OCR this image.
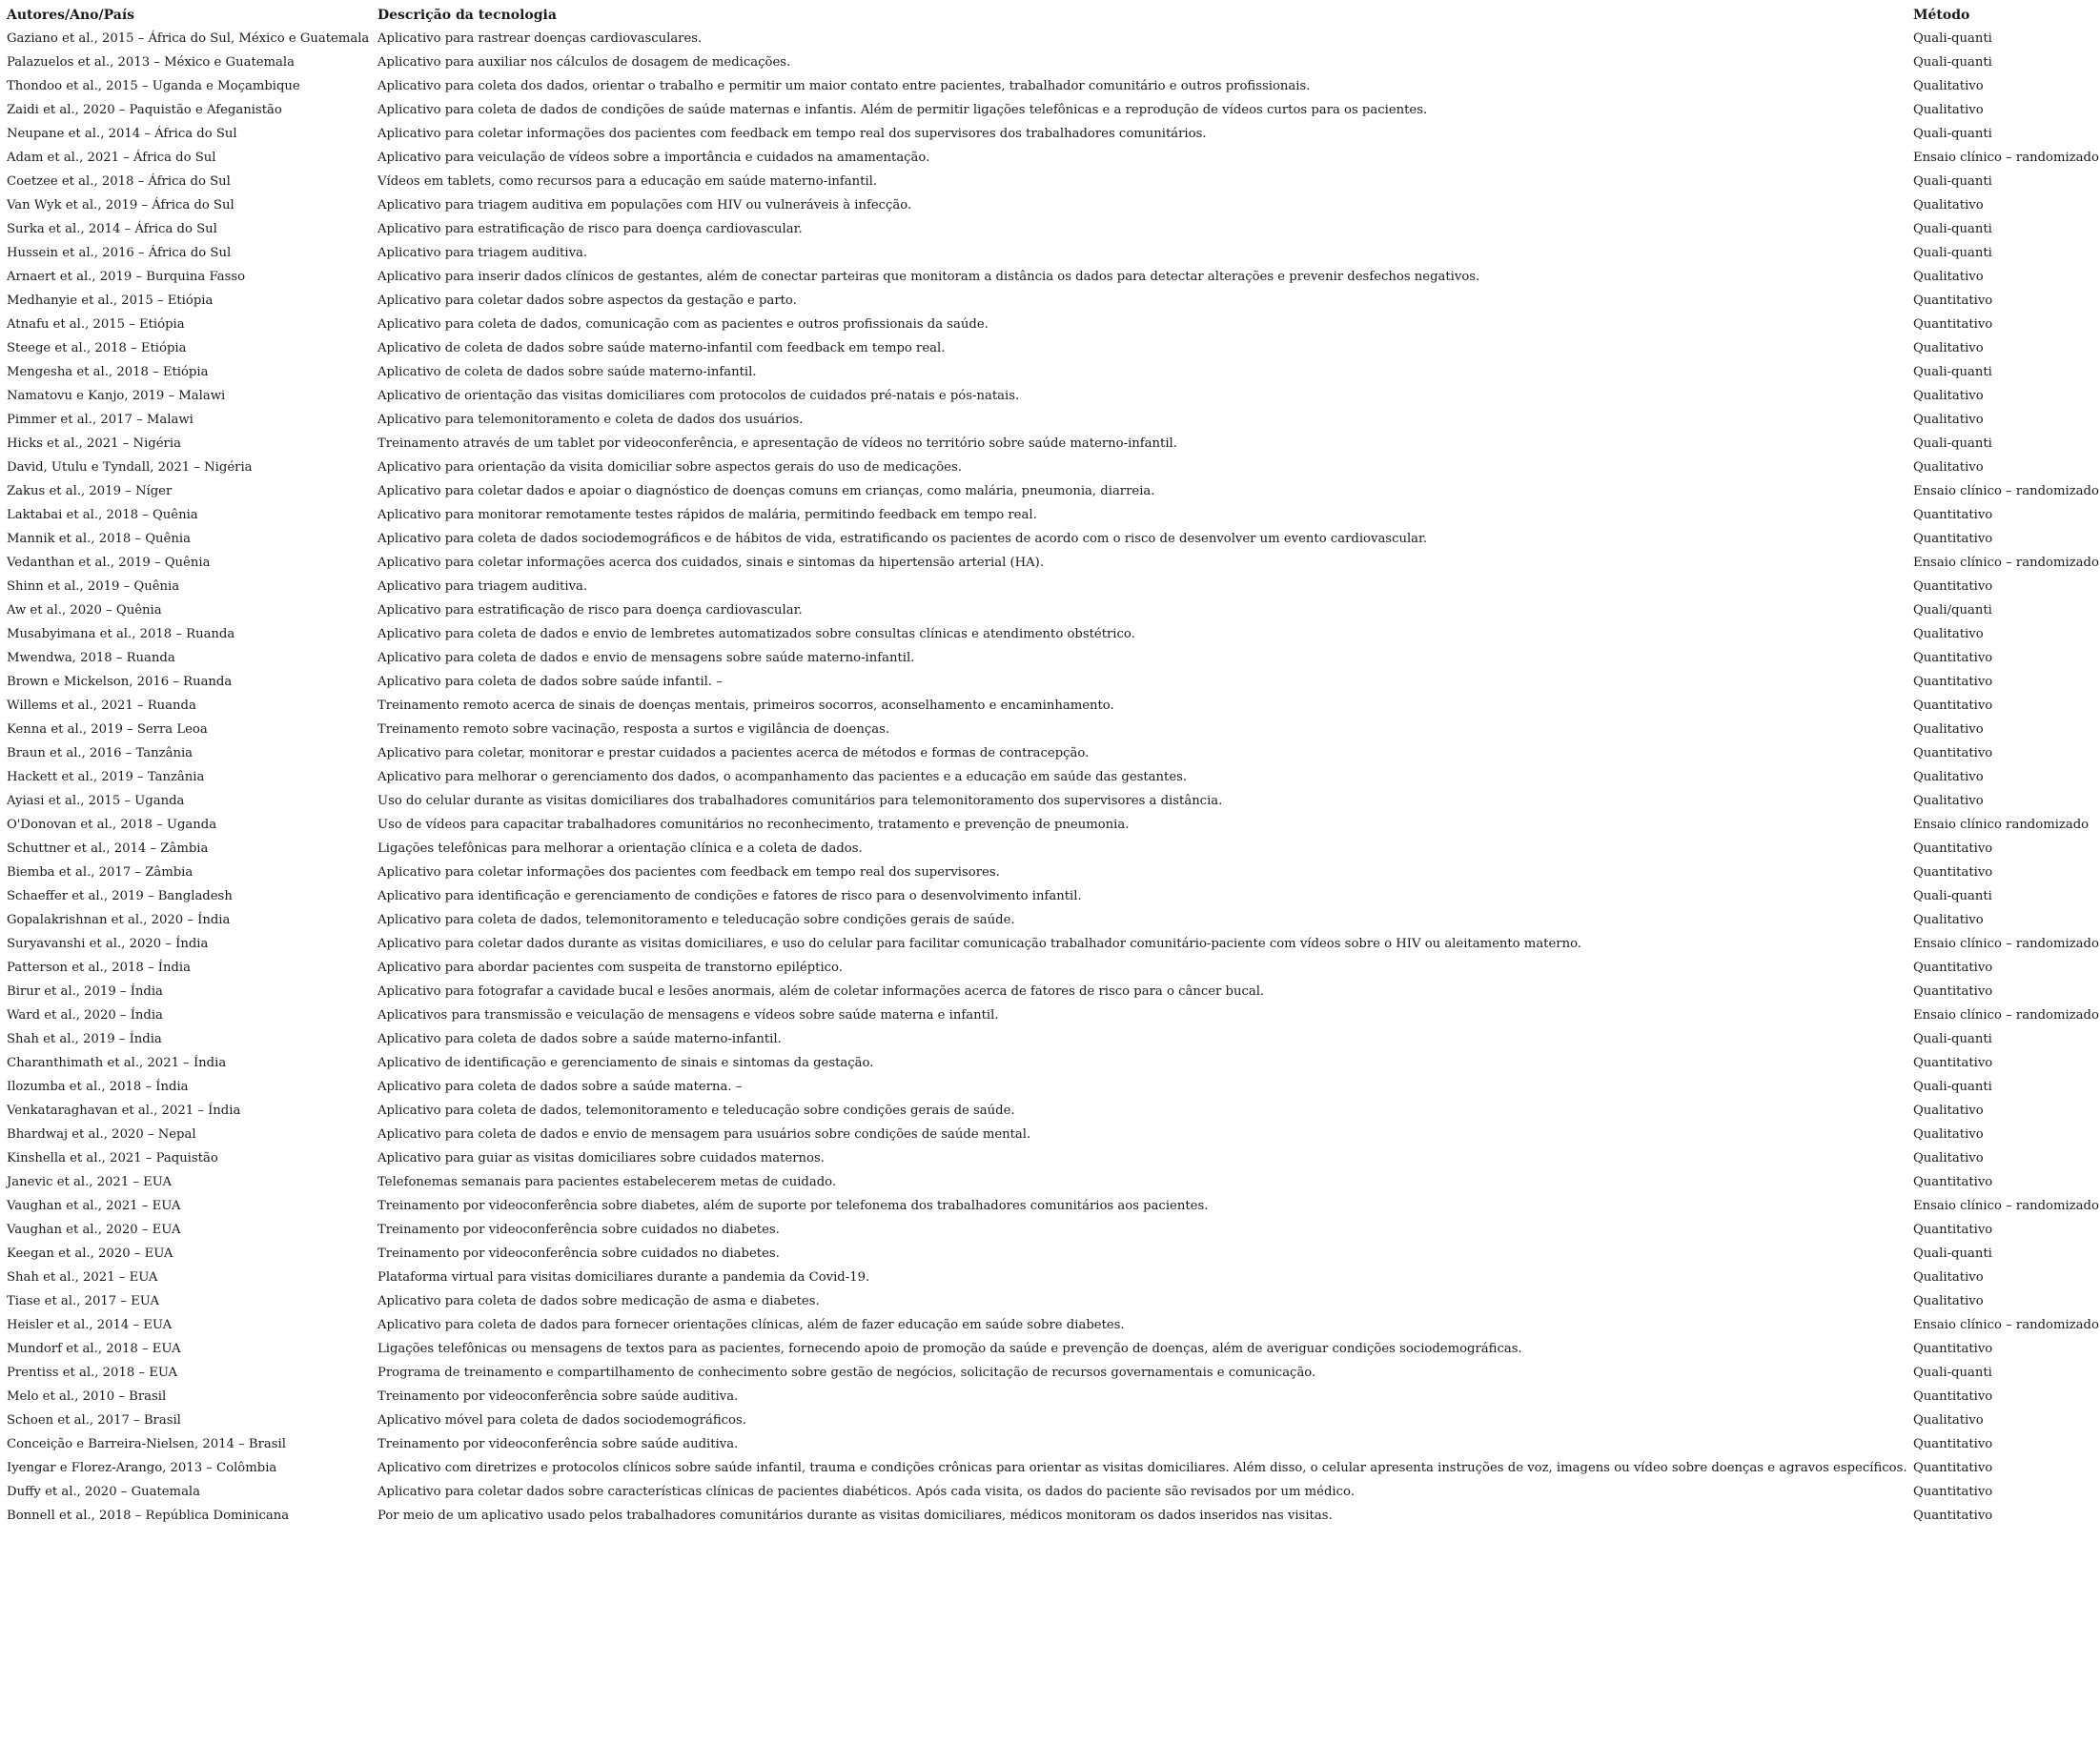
Autores/Ano/País	Descrição da tecnologia	Método
Gaziano et al., 2015 – África do Sul, México e Guatemala	Aplicativo para rastrear doenças cardiovasculares.	Quali-quanti
Palazuelos et al., 2013 – México e Guatemala	Aplicativo para auxiliar nos cálculos de dosagem de medicações.	Quali-quanti
Thondoo et al., 2015 – Uganda e Moçambique	Aplicativo para coleta dos dados, orientar o trabalho e permitir um maior contato entre pacientes, trabalhador comunitário e outros profissionais.	Qualitativo
Zaidi et al., 2020 – Paquistão e Afeganistão	Aplicativo para coleta de dados de condições de saúde maternas e infantis. Além de permitir ligações telefônicas e a reprodução de vídeos curtos para os pacientes.	Qualitativo
Neupane et al., 2014 – África do Sul	Aplicativo para coletar informações dos pacientes com feedback em tempo real dos supervisores dos trabalhadores comunitários.	Quali-quanti
Adam et al., 2021 – África do Sul	Aplicativo para veiculação de vídeos sobre a importância e cuidados na amamentação.	Ensaio clínico – randomizado
Coetzee et al., 2018 – África do Sul	Vídeos em tablets, como recursos para a educação em saúde materno-infantil.	Quali-quanti
Van Wyk et al., 2019 – África do Sul	Aplicativo para triagem auditiva em populações com HIV ou vulneráveis à infecção.	Qualitativo
Surka et al., 2014 – África do Sul	Aplicativo para estratificação de risco para doença cardiovascular.	Quali-quanti
Hussein et al., 2016 – África do Sul	Aplicativo para triagem auditiva.	Quali-quanti
Arnaert et al., 2019 – Burquina Fasso	Aplicativo para inserir dados clínicos de gestantes, além de conectar parteiras que monitoram a distância os dados para detectar alterações e prevenir desfechos negativos.	Qualitativo
Medhanyie et al., 2015 – Etiópia	Aplicativo para coletar dados sobre aspectos da gestação e parto.	Quantitativo
Atnafu et al., 2015 – Etiópia	Aplicativo para coleta de dados, comunicação com as pacientes e outros profissionais da saúde.	Quantitativo
Steege et al., 2018 – Etiópia	Aplicativo de coleta de dados sobre saúde materno-infantil com feedback em tempo real.	Qualitativo
Mengesha et al., 2018 – Etiópia	Aplicativo de coleta de dados sobre saúde materno-infantil.	Quali-quanti
Namatovu e Kanjo, 2019 – Malawi	Aplicativo de orientação das visitas domiciliares com protocolos de cuidados pré-natais e pós-natais.	Qualitativo
Pimmer et al., 2017 – Malawi	Aplicativo para telemonitoramento e coleta de dados dos usuários.	Qualitativo
Hicks et al., 2021 – Nigéria	Treinamento através de um tablet por videoconferência, e apresentação de vídeos no território sobre saúde materno-infantil.	Quali-quanti
David, Utulu e Tyndall, 2021 – Nigéria	Aplicativo para orientação da visita domiciliar sobre aspectos gerais do uso de medicações.	Qualitativo
Zakus et al., 2019 – Níger	Aplicativo para coletar dados e apoiar o diagnóstico de doenças comuns em crianças, como malária, pneumonia, diarreia.	Ensaio clínico – randomizado
Laktabai et al., 2018 – Quênia	Aplicativo para monitorar remotamente testes rápidos de malária, permitindo feedback em tempo real.	Quantitativo
Mannik et al., 2018 – Quênia	Aplicativo para coleta de dados sociodemográficos e de hábitos de vida, estratificando os pacientes de acordo com o risco de desenvolver um evento cardiovascular.	Quantitativo
Vedanthan et al., 2019 – Quênia	Aplicativo para coletar informações acerca dos cuidados, sinais e sintomas da hipertensão arterial (HA).	Ensaio clínico – randomizado
Shinn et al., 2019 – Quênia	Aplicativo para triagem auditiva.	Quantitativo
Aw et al., 2020 – Quênia	Aplicativo para estratificação de risco para doença cardiovascular.	Quali/quanti
Musabyimana et al., 2018 – Ruanda	Aplicativo para coleta de dados e envio de lembretes automatizados sobre consultas clínicas e atendimento obstétrico.	Qualitativo
Mwendwa, 2018 – Ruanda	Aplicativo para coleta de dados e envio de mensagens sobre saúde materno-infantil.	Quantitativo
Brown e Mickelson, 2016 – Ruanda	Aplicativo para coleta de dados sobre saúde infantil. –	Quantitativo
Willems et al., 2021 – Ruanda	Treinamento remoto acerca de sinais de doenças mentais, primeiros socorros, aconselhamento e encaminhamento.	Quantitativo
Kenna et al., 2019 – Serra Leoa	Treinamento remoto sobre vacinação, resposta a surtos e vigilância de doenças.	Qualitativo
Braun et al., 2016 – Tanzânia	Aplicativo para coletar, monitorar e prestar cuidados a pacientes acerca de métodos e formas de contracepção.	Quantitativo
Hackett et al., 2019 – Tanzânia	Aplicativo para melhorar o gerenciamento dos dados, o acompanhamento das pacientes e a educação em saúde das gestantes.	Qualitativo
Ayiasi et al., 2015 – Uganda	Uso do celular durante as visitas domiciliares dos trabalhadores comunitários para telemonitoramento dos supervisores a distância.	Qualitativo
O'Donovan et al., 2018 – Uganda	Uso de vídeos para capacitar trabalhadores comunitários no reconhecimento, tratamento e prevenção de pneumonia.	Ensaio clínico randomizado
Schuttner et al., 2014 – Zâmbia	Ligações telefônicas para melhorar a orientação clínica e a coleta de dados.	Quantitativo
Biemba et al., 2017 – Zâmbia	Aplicativo para coletar informações dos pacientes com feedback em tempo real dos supervisores.	Quantitativo
Schaeffer et al., 2019 – Bangladesh	Aplicativo para identificação e gerenciamento de condições e fatores de risco para o desenvolvimento infantil.	Quali-quanti
Gopalakrishnan et al., 2020 – Índia	Aplicativo para coleta de dados, telemonitoramento e teleducação sobre condições gerais de saúde.	Qualitativo
Suryavanshi et al., 2020 – Índia	Aplicativo para coletar dados durante as visitas domiciliares, e uso do celular para facilitar comunicação trabalhador comunitário-paciente com vídeos sobre o HIV ou aleitamento materno.	Ensaio clínico – randomizado
Patterson et al., 2018 – Índia	Aplicativo para abordar pacientes com suspeita de transtorno epiléptico.	Quantitativo
Birur et al., 2019 – Índia	Aplicativo para fotografar a cavidade bucal e lesões anormais, além de coletar informações acerca de fatores de risco para o câncer bucal.	Quantitativo
Ward et al., 2020 – Índia	Aplicativos para transmissão e veiculação de mensagens e vídeos sobre saúde materna e infantil.	Ensaio clínico – randomizado
Shah et al., 2019 – Índia	Aplicativo para coleta de dados sobre a saúde materno-infantil.	Quali-quanti
Charanthimath et al., 2021 – Índia	Aplicativo de identificação e gerenciamento de sinais e sintomas da gestação.	Quantitativo
Ilozumba et al., 2018 – Índia	Aplicativo para coleta de dados sobre a saúde materna. –	Quali-quanti
Venkataraghavan et al., 2021 – Índia	Aplicativo para coleta de dados, telemonitoramento e teleducação sobre condições gerais de saúde.	Qualitativo
Bhardwaj et al., 2020 – Nepal	Aplicativo para coleta de dados e envio de mensagem para usuários sobre condições de saúde mental.	Qualitativo
Kinshella et al., 2021 – Paquistão	Aplicativo para guiar as visitas domiciliares sobre cuidados maternos.	Qualitativo
Janevic et al., 2021 – EUA	Telefonemas semanais para pacientes estabelecerem metas de cuidado.	Quantitativo
Vaughan et al., 2021 – EUA	Treinamento por videoconferência sobre diabetes, além de suporte por telefonema dos trabalhadores comunitários aos pacientes.	Ensaio clínico – randomizado
Vaughan et al., 2020 – EUA	Treinamento por videoconferência sobre cuidados no diabetes.	Quantitativo
Keegan et al., 2020 – EUA	Treinamento por videoconferência sobre cuidados no diabetes.	Quali-quanti
Shah et al., 2021 – EUA	Plataforma virtual para visitas domiciliares durante a pandemia da Covid-19.	Qualitativo
Tiase et al., 2017 – EUA	Aplicativo para coleta de dados sobre medicação de asma e diabetes.	Qualitativo
Heisler et al., 2014 – EUA	Aplicativo para coleta de dados para fornecer orientações clínicas, além de fazer educação em saúde sobre diabetes.	Ensaio clínico – randomizado
Mundorf et al., 2018 – EUA	Ligações telefônicas ou mensagens de textos para as pacientes, fornecendo apoio de promoção da saúde e prevenção de doenças, além de averiguar condições sociodemográficas.	Quantitativo
Prentiss et al., 2018 – EUA	Programa de treinamento e compartilhamento de conhecimento sobre gestão de negócios, solicitação de recursos governamentais e comunicação.	Quali-quanti
Melo et al., 2010 – Brasil	Treinamento por videoconferência sobre saúde auditiva.	Quantitativo
Schoen et al., 2017 – Brasil	Aplicativo móvel para coleta de dados sociodemográficos.	Qualitativo
Conceição e Barreira-Nielsen, 2014 – Brasil	Treinamento por videoconferência sobre saúde auditiva.	Quantitativo
Iyengar e Florez-Arango, 2013 – Colômbia	Aplicativo com diretrizes e protocolos clínicos sobre saúde infantil, trauma e condições crônicas para orientar as visitas domiciliares. Além disso, o celular apresenta instruções de voz, imagens ou vídeo sobre doenças e agravos específicos.	Quantitativo
Duffy et al., 2020 – Guatemala	Aplicativo para coletar dados sobre características clínicas de pacientes diabéticos. Após cada visita, os dados do paciente são revisados por um médico.	Quantitativo
Bonnell et al., 2018 – República Dominicana	Por meio de um aplicativo usado pelos trabalhadores comunitários durante as visitas domiciliares, médicos monitoram os dados inseridos nas visitas.	Quantitativo
